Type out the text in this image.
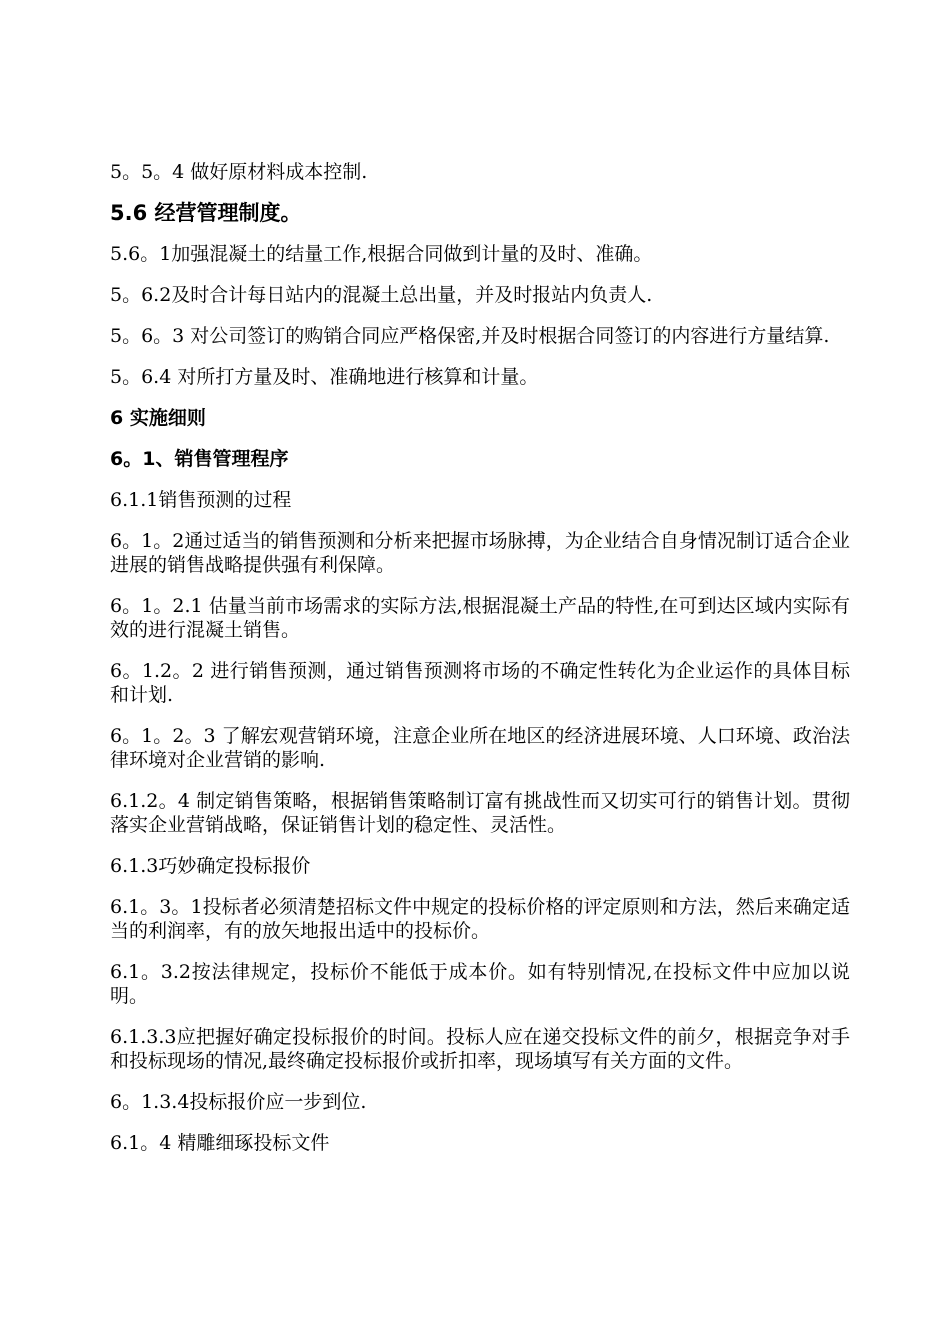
5。5。4 做好原材料成本控制.

5.6 经营管理制度。

5.6。1加强混凝土的结量工作,根据合同做到计量的及时、准确。

5。6.2及时合计每日站内的混凝土总出量，并及时报站内负责人.

5。6。3 对公司签订的购销合同应严格保密,并及时根据合同签订的内容进行方量结算.

5。6.4 对所打方量及时、准确地进行核算和计量。

6 实施细则
6。1、销售管理程序

6.1.1销售预测的过程

6。1。2通过适当的销售预测和分析来把握市场脉搏，为企业结合自身情况制订适合企业进展的销售战略提供强有利保障。

6。1。2.1 估量当前市场需求的实际方法,根据混凝土产品的特性,在可到达区域内实际有效的进行混凝土销售。

6。1.2。2 进行销售预测，通过销售预测将市场的不确定性转化为企业运作的具体目标和计划.

6。1。2。3 了解宏观营销环境，注意企业所在地区的经济进展环境、人口环境、政治法律环境对企业营销的影响.

6.1.2。4 制定销售策略，根据销售策略制订富有挑战性而又切实可行的销售计划。贯彻落实企业营销战略，保证销售计划的稳定性、灵活性。

6.1.3巧妙确定投标报价

6.1。3。1投标者必须清楚招标文件中规定的投标价格的评定原则和方法，然后来确定适当的利润率，有的放矢地报出适中的投标价。

6.1。3.2按法律规定，投标价不能低于成本价。如有特别情况,在投标文件中应加以说明。

6.1.3.3应把握好确定投标报价的时间。投标人应在递交投标文件的前夕，根据竞争对手和投标现场的情况,最终确定投标报价或折扣率，现场填写有关方面的文件。

6。1.3.4投标报价应一步到位.

6.1。4 精雕细琢投标文件
